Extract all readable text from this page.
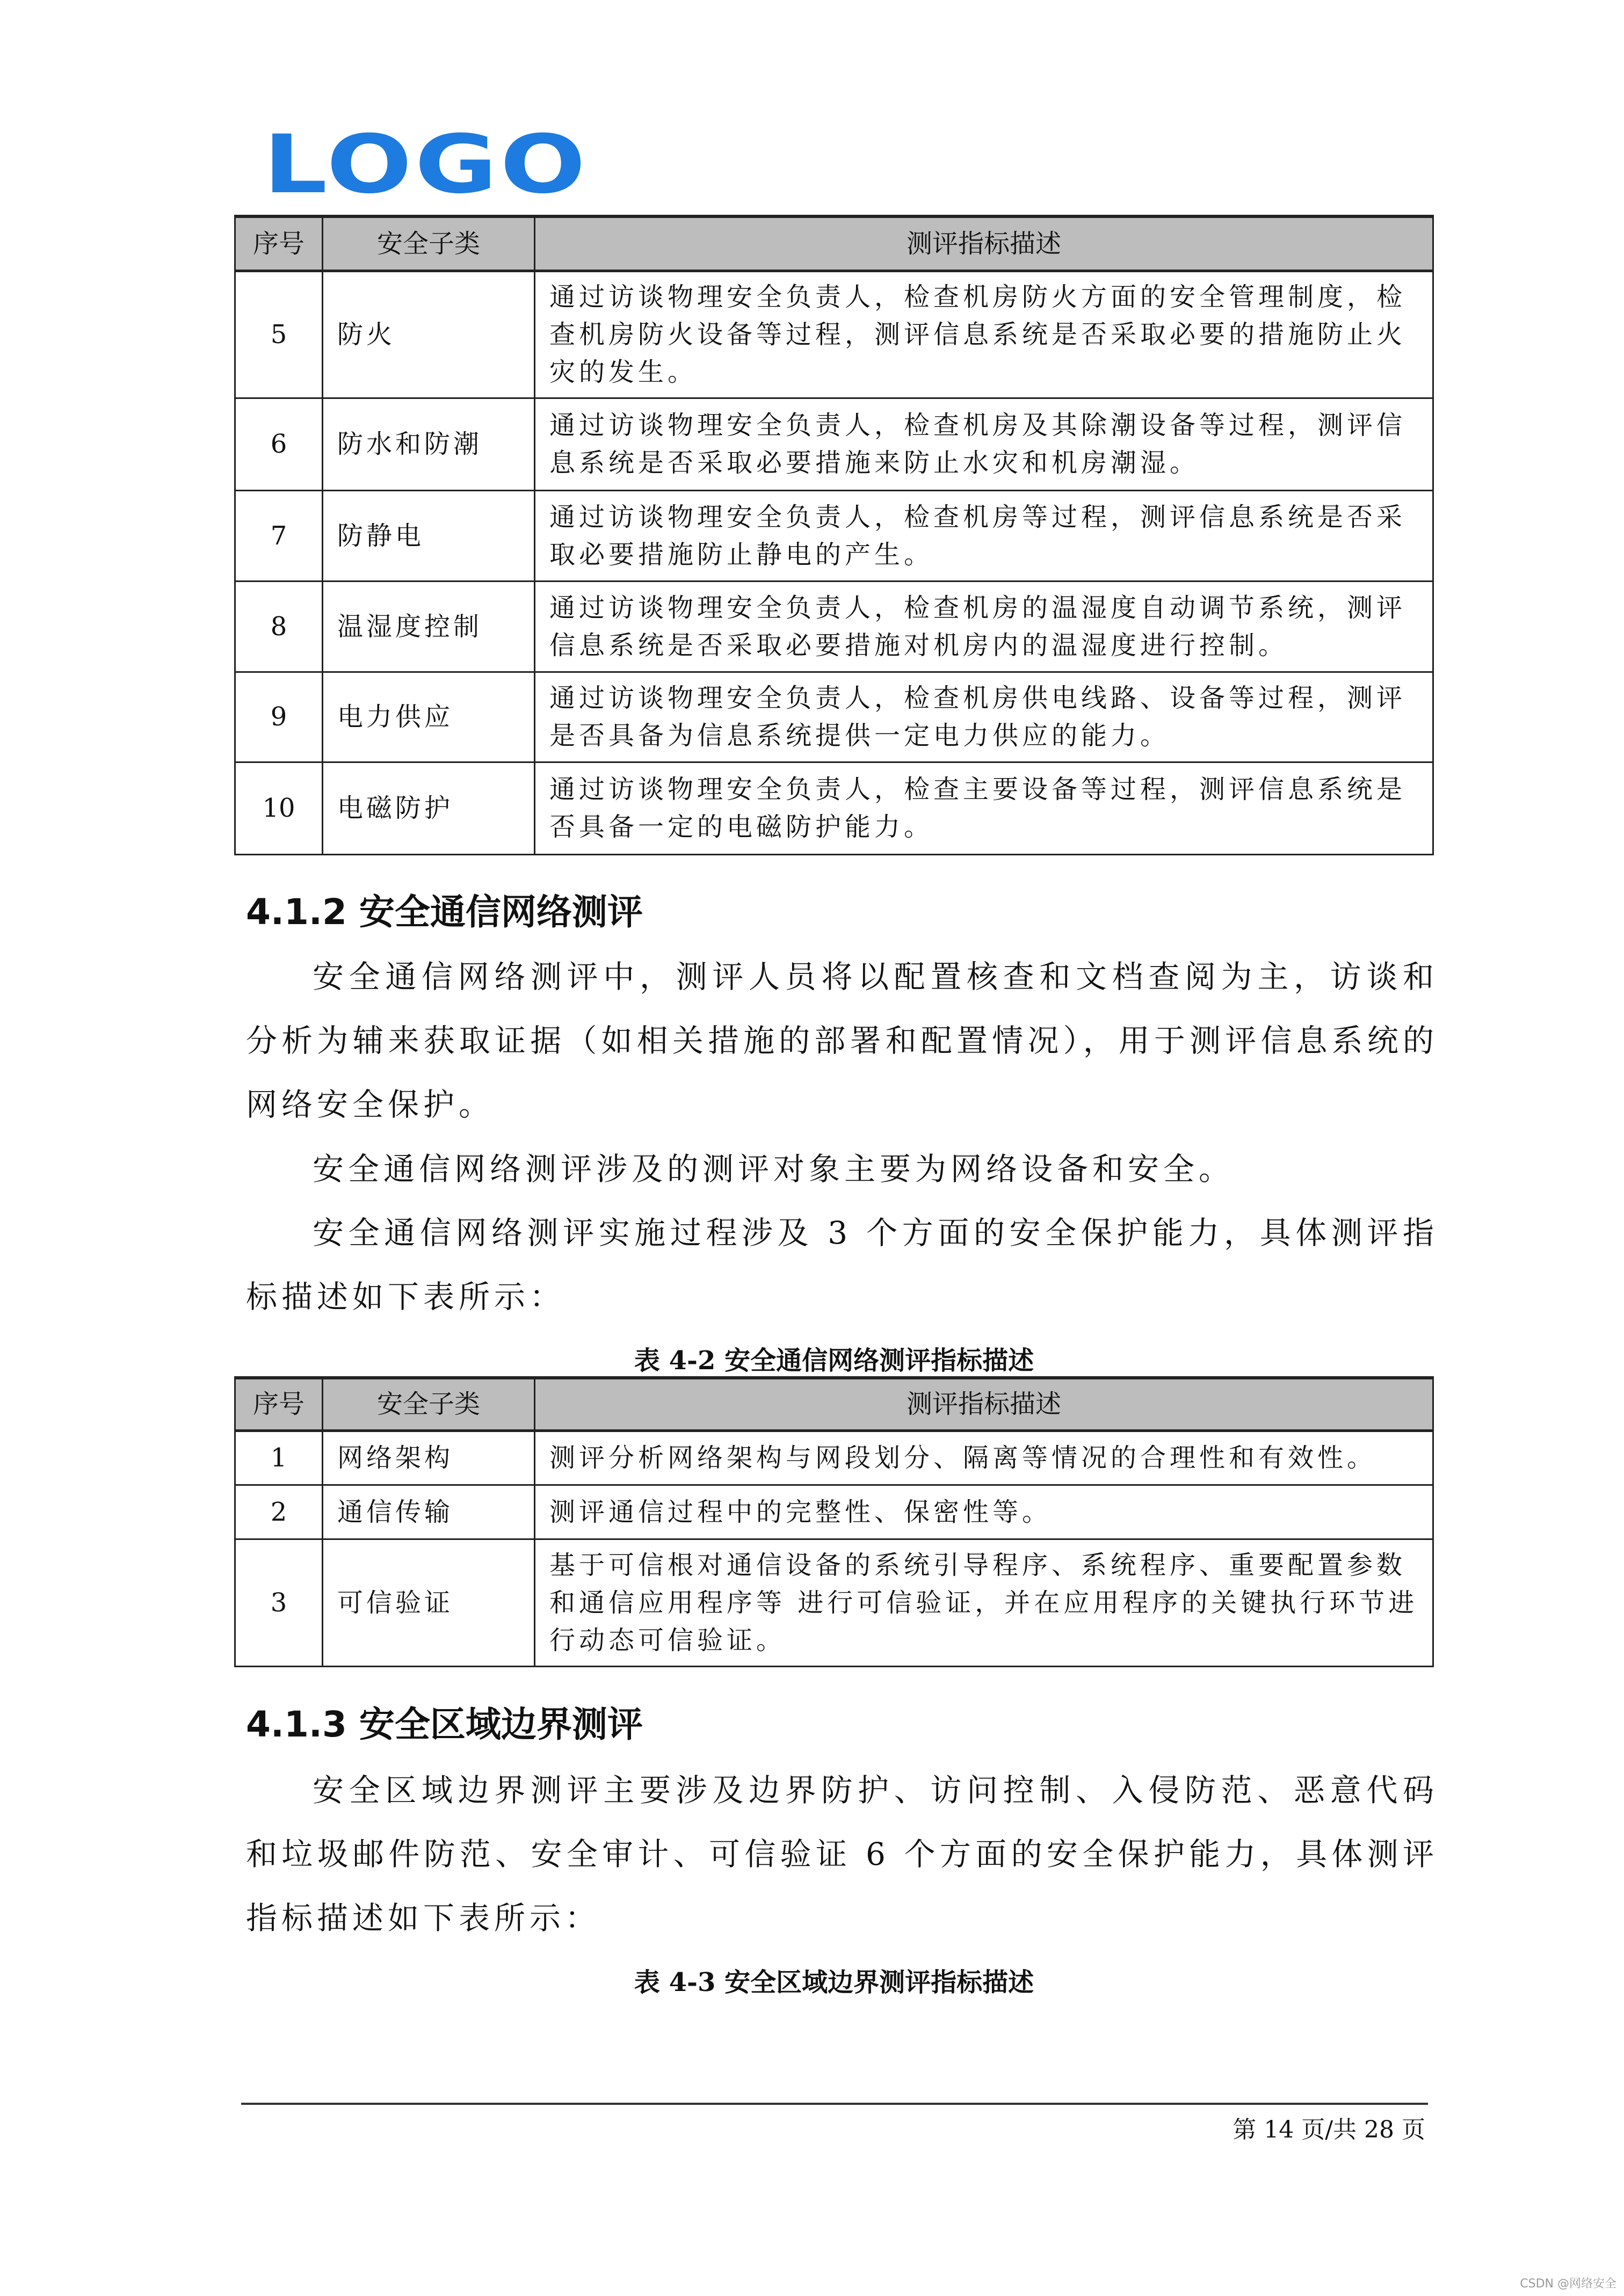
LOGO
序号	安全子类	测评指标描述
5	防火	通过访谈物理安全负责人，检查机房防火方面的安全管理制度，检查机房防火设备等过程，测评信息系统是否采取必要的措施防止火灾的发生。
6	防水和防潮	通过访谈物理安全负责人，检查机房及其除潮设备等过程，测评信息系统是否采取必要措施来防止水灾和机房潮湿。
7	防静电	通过访谈物理安全负责人，检查机房等过程，测评信息系统是否采取必要措施防止静电的产生。
8	温湿度控制	通过访谈物理安全负责人，检查机房的温湿度自动调节系统，测评信息系统是否采取必要措施对机房内的温湿度进行控制。
9	电力供应	通过访谈物理安全负责人，检查机房供电线路、设备等过程，测评是否具备为信息系统提供一定电力供应的能力。
10	电磁防护	通过访谈物理安全负责人，检查主要设备等过程，测评信息系统是否具备一定的电磁防护能力。
4.1.2 安全通信网络测评
安全通信网络测评中，测评人员将以配置核查和文档查阅为主，访谈和分析为辅来获取证据（如相关措施的部署和配置情况），用于测评信息系统的网络安全保护。
安全通信网络测评涉及的测评对象主要为网络设备和安全。
安全通信网络测评实施过程涉及 3 个方面的安全保护能力，具体测评指标描述如下表所示：
表 4-2 安全通信网络测评指标描述
序号	安全子类	测评指标描述
1	网络架构	测评分析网络架构与网段划分、隔离等情况的合理性和有效性。
2	通信传输	测评通信过程中的完整性、保密性等。
3	可信验证	基于可信根对通信设备的系统引导程序、系统程序、重要配置参数和通信应用程序等 进行可信验证，并在应用程序的关键执行环节进行动态可信验证。
4.1.3 安全区域边界测评
安全区域边界测评主要涉及边界防护、访问控制、入侵防范、恶意代码和垃圾邮件防范、安全审计、可信验证 6 个方面的安全保护能力，具体测评指标描述如下表所示：
表 4-3 安全区域边界测评指标描述
第 14 页/共 28 页
CSDN @网络安全
